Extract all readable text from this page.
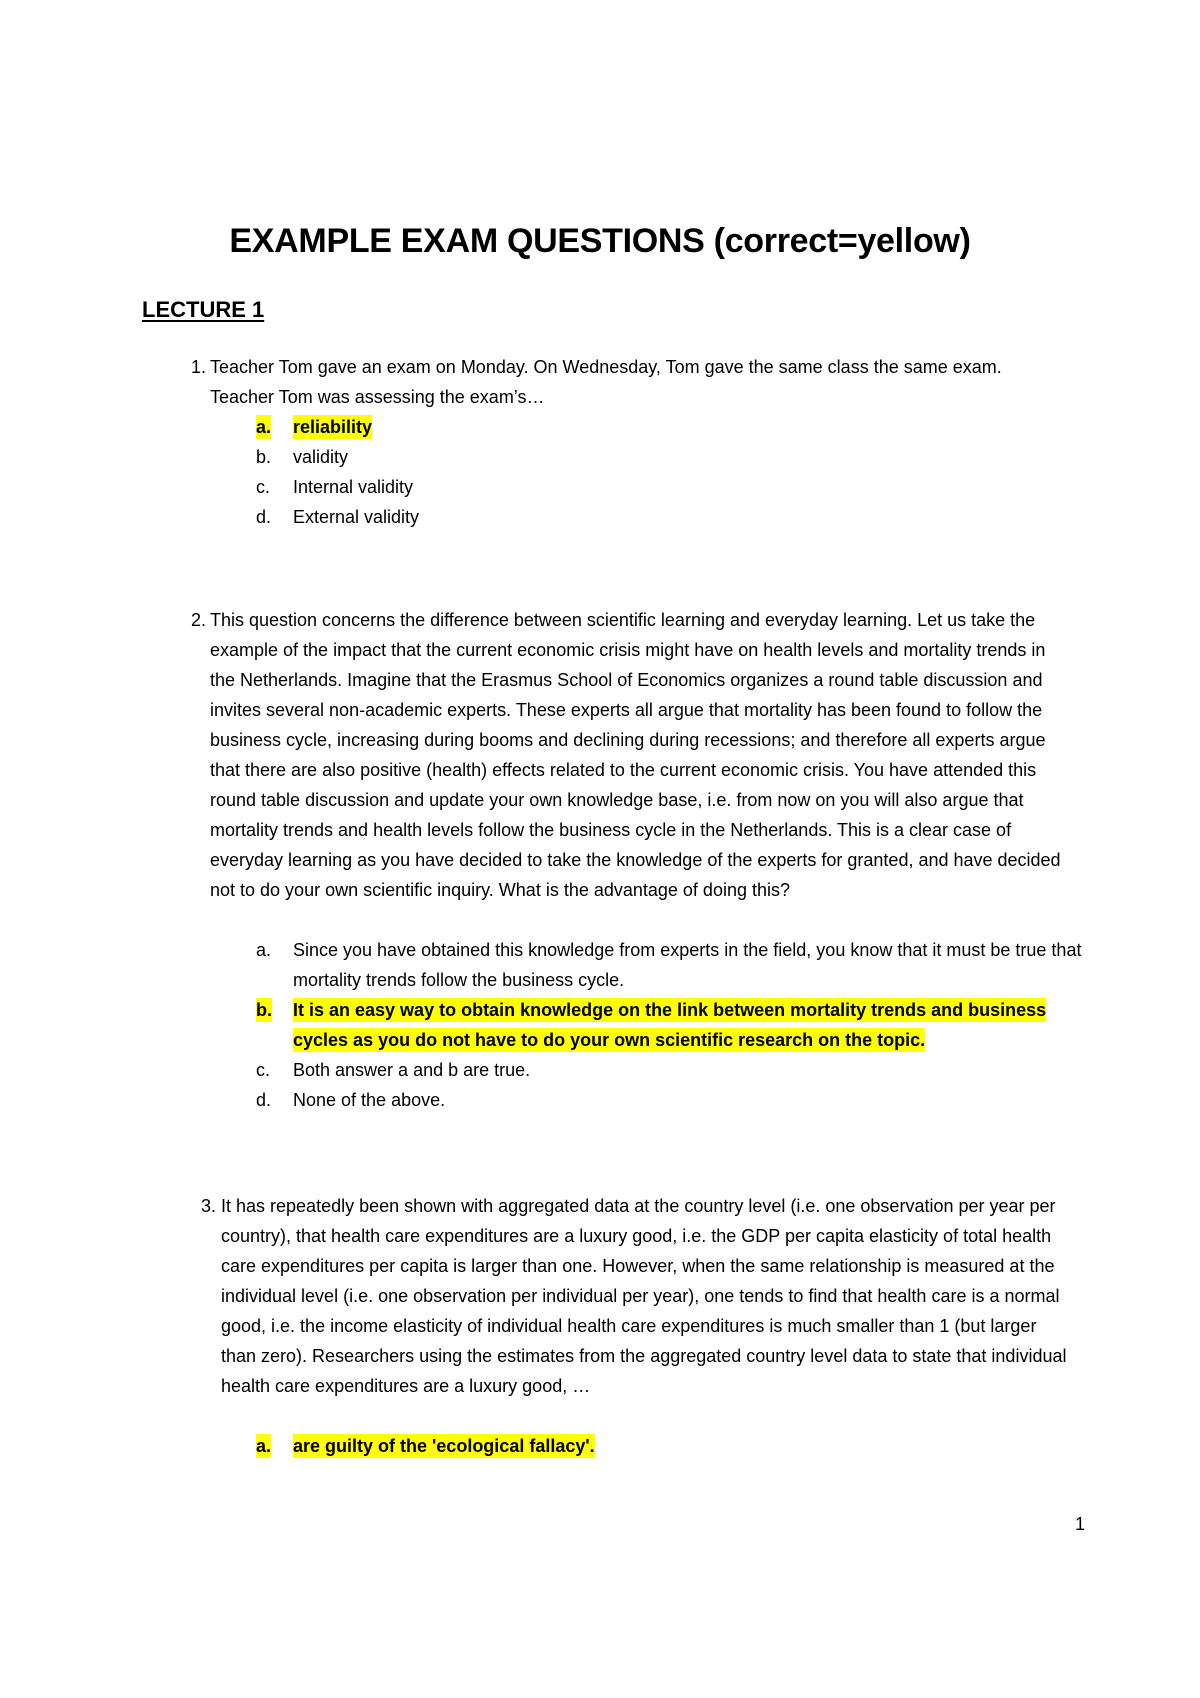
EXAMPLE EXAM QUESTIONS (correct=yellow)
LECTURE 1
1. Teacher Tom gave an exam on Monday. On Wednesday, Tom gave the same class the same exam. Teacher Tom was assessing the exam’s…
a.	reliability
b.	validity
c.	Internal validity
d.	External validity
2. This question concerns the difference between scientific learning and everyday learning. Let us take the example of the impact that the current economic crisis might have on health levels and mortality trends in the Netherlands. Imagine that the Erasmus School of Economics organizes a round table discussion and invites several non-academic experts. These experts all argue that mortality has been found to follow the business cycle, increasing during booms and declining during recessions; and therefore all experts argue that there are also positive (health) effects related to the current economic crisis. You have attended this round table discussion and update your own knowledge base, i.e. from now on you will also argue that mortality trends and health levels follow the business cycle in the Netherlands. This is a clear case of everyday learning as you have decided to take the knowledge of the experts for granted, and have decided not to do your own scientific inquiry. What is the advantage of doing this?
a.	Since you have obtained this knowledge from experts in the field, you know that it must be true that mortality trends follow the business cycle.
b.	It is an easy way to obtain knowledge on the link between mortality trends and business cycles as you do not have to do your own scientific research on the topic.
c.	Both answer a and b are true.
d.	None of the above.
3. It has repeatedly been shown with aggregated data at the country level (i.e. one observation per year per country), that health care expenditures are a luxury good, i.e. the GDP per capita elasticity of total health care expenditures per capita is larger than one. However, when the same relationship is measured at the individual level (i.e. one observation per individual per year), one tends to find that health care is a normal good, i.e. the income elasticity of individual health care expenditures is much smaller than 1 (but larger than zero). Researchers using the estimates from the aggregated country level data to state that individual health care expenditures are a luxury good, …
a.	are guilty of the 'ecological fallacy'.
1
